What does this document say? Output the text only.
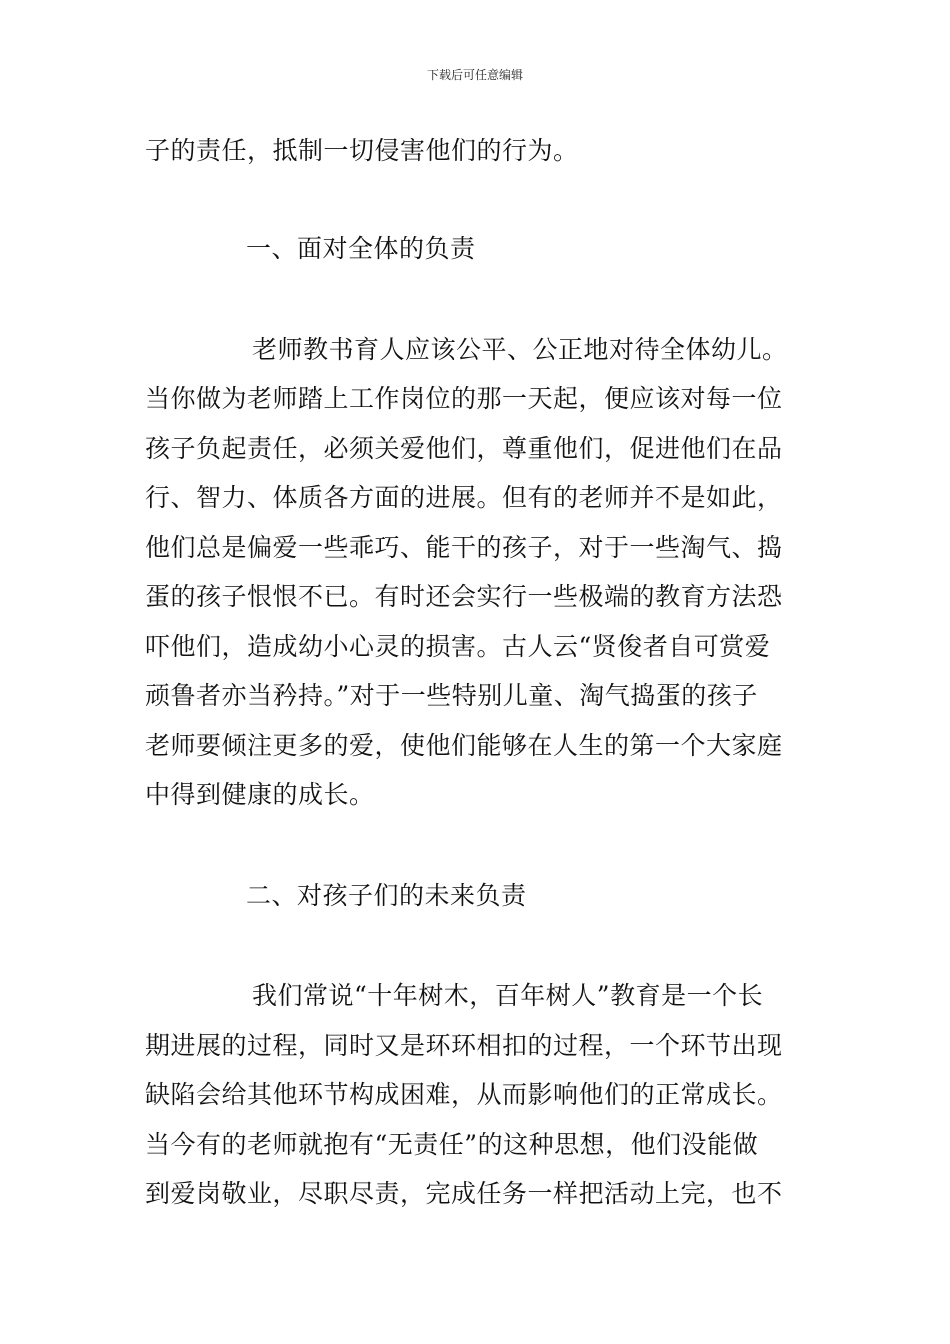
下载后可任意编辑
子的责任，抵制一切侵害他们的行为。
一、面对全体的负责
老师教书育人应该公平、公正地对待全体幼儿。
当你做为老师踏上工作岗位的那一天起，便应该对每一位
孩子负起责任，必须关爱他们，尊重他们，促进他们在品
行、智力、体质各方面的进展。但有的老师并不是如此，
他们总是偏爱一些乖巧、能干的孩子，对于一些淘气、捣
蛋的孩子恨恨不已。有时还会实行一些极端的教育方法恐
吓他们，造成幼小心灵的损害。古人云“贤俊者自可赏爱
顽鲁者亦当矜持。”对于一些特别儿童、淘气捣蛋的孩子
老师要倾注更多的爱，使他们能够在人生的第一个大家庭
中得到健康的成长。
二、对孩子们的未来负责
我们常说“十年树木，百年树人”教育是一个长
期进展的过程，同时又是环环相扣的过程，一个环节出现
缺陷会给其他环节构成困难，从而影响他们的正常成长。
当今有的老师就抱有“无责任”的这种思想，他们没能做
到爱岗敬业，尽职尽责，完成任务一样把活动上完，也不
